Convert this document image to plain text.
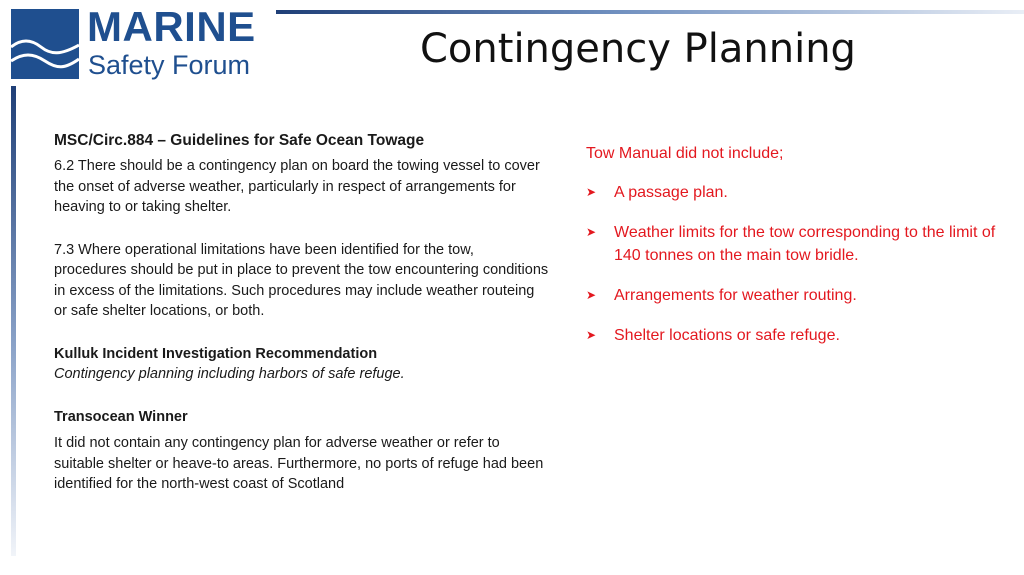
MARINE
Safety Forum	Contingency Planning

MSC/Circ.884 – Guidelines for Safe Ocean Towage

6.2 There should be a contingency plan on board the towing vessel to cover the onset of adverse weather, particularly in respect of arrangements for heaving to or taking shelter.

7.3 Where operational limitations have been identified for the tow, procedures should be put in place to prevent the tow encountering conditions in excess of the limitations. Such procedures may include weather routeing or safe shelter locations, or both.

Kulluk Incident Investigation Recommendation

Contingency planning including harbors of safe refuge.

Transocean Winner

It did not contain any contingency plan for adverse weather or refer to suitable shelter or heave-to areas. Furthermore, no ports of refuge had been identified for the north-west coast of Scotland

Tow Manual did not include;

➤ A passage plan.
➤ Weather limits for the tow corresponding to the limit of 140 tonnes on the main tow bridle.
➤ Arrangements for weather routing.
➤ Shelter locations or safe refuge.
